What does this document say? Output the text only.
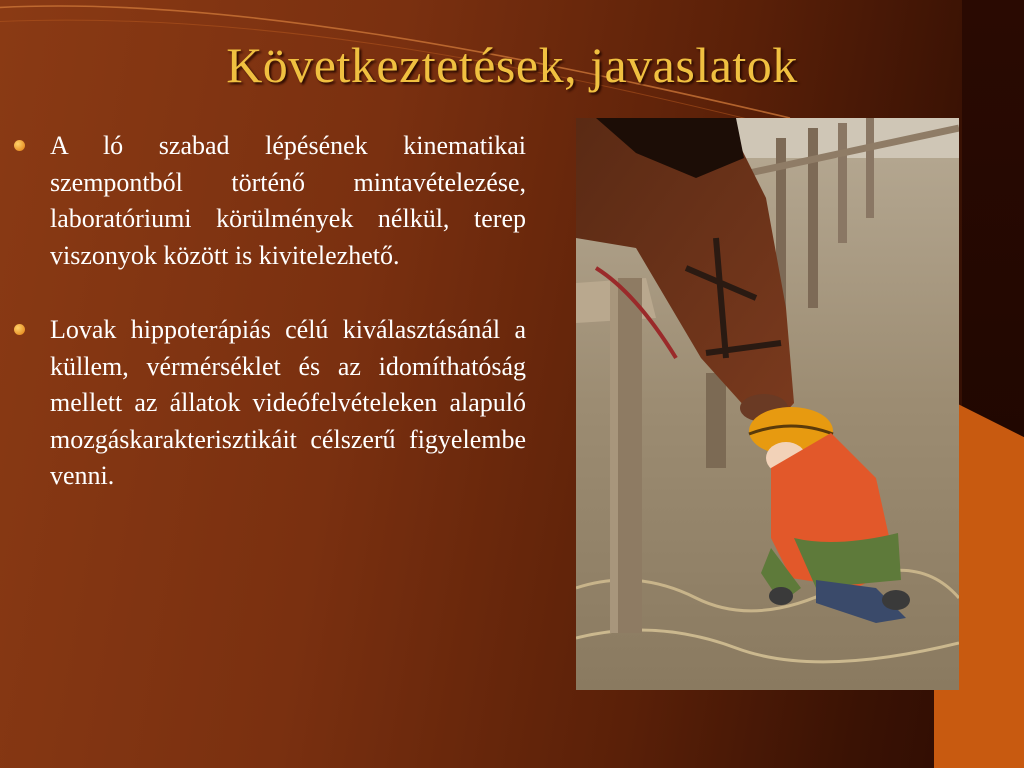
Következtetések, javaslatok

A ló szabad lépésének kinematikai szempontból történő mintavételezése, laboratóriumi körülmények nélkül, terep viszonyok között is kivitelezhető.

Lovak hippoterápiás célú kiválasztásánál a küllem, vérmérséklet és az idomíthatóság mellett az állatok videófelvételeken alapuló mozgáskarakterisztikáit célszerű figyelembe venni.
